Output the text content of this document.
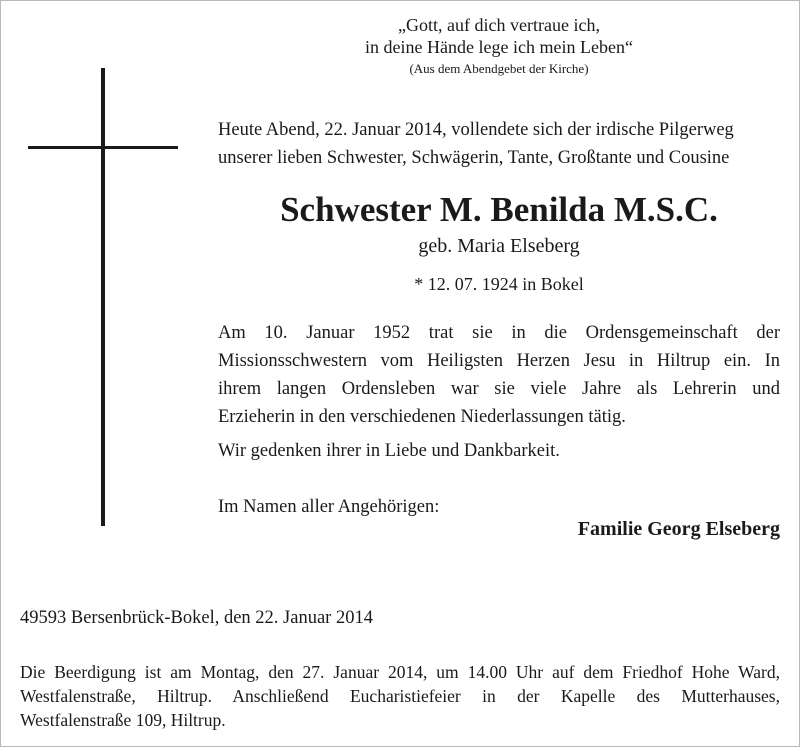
„Gott, auf dich vertraue ich,
in deine Hände lege ich mein Leben“
(Aus dem Abendgebet der Kirche)
Heute Abend, 22. Januar 2014, vollendete sich der irdische Pilgerweg
unserer lieben Schwester, Schwägerin, Tante, Großtante und Cousine
Schwester M. Benilda M.S.C.
geb. Maria Elseberg
* 12. 07. 1924 in Bokel
Am 10. Januar 1952 trat sie in die Ordensgemeinschaft der
Missionsschwestern vom Heiligsten Herzen Jesu in Hiltrup ein. In
ihrem langen Ordensleben war sie viele Jahre als Lehrerin und
Erzieherin in den verschiedenen Niederlassungen tätig.
Wir gedenken ihrer in Liebe und Dankbarkeit.
Im Namen aller Angehörigen:
Familie Georg Elseberg
49593 Bersenbrück-Bokel, den 22. Januar 2014
Die Beerdigung ist am Montag, den 27. Januar 2014, um 14.00 Uhr auf dem Friedhof Hohe Ward,
Westfalenstraße, Hiltrup. Anschließend Eucharistiefeier in der Kapelle des Mutterhauses,
Westfalenstraße 109, Hiltrup.
